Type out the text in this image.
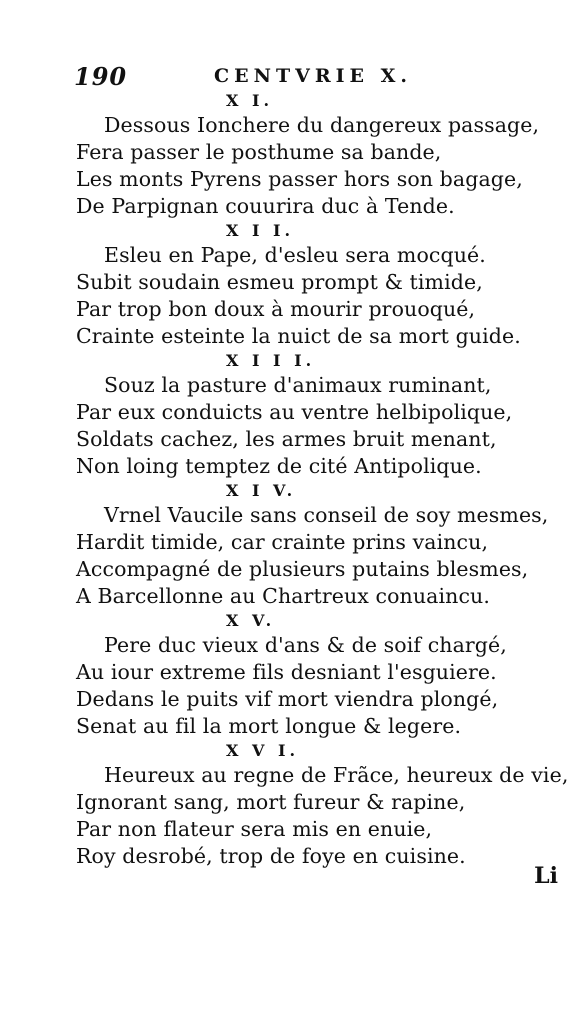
190	CENTVRIE X.
X I.
Dessous Ionchere du dangereux passage,
Fera passer le posthume sa bande,
Les monts Pyrens passer hors son bagage,
De Parpignan couurira duc à Tende.
X I I.
Esleu en Pape, d'esleu sera mocqué.
Subit soudain esmeu prompt & timide,
Par trop bon doux à mourir prouoqué,
Crainte esteinte la nuict de sa mort guide.
X I I I.
Souz la pasture d'animaux ruminant,
Par eux conduicts au ventre helbipolique,
Soldats cachez, les armes bruit menant,
Non loing temptez de cité Antipolique.
X I V.
Vrnel Vaucile sans conseil de soy mesmes,
Hardit timide, car crainte prins vaincu,
Accompagné de plusieurs putains blesmes,
A Barcellonne au Chartreux conuaincu.
X V.
Pere duc vieux d'ans & de soif chargé,
Au iour extreme fils desniant l'esguiere.
Dedans le puits vif mort viendra plongé,
Senat au fil la mort longue & legere.
X V I.
Heureux au regne de Frãce, heureux de vie,
Ignorant sang, mort fureur & rapine,
Par non flateur sera mis en enuie,
Roy desrobé, trop de foye en cuisine.
Li
